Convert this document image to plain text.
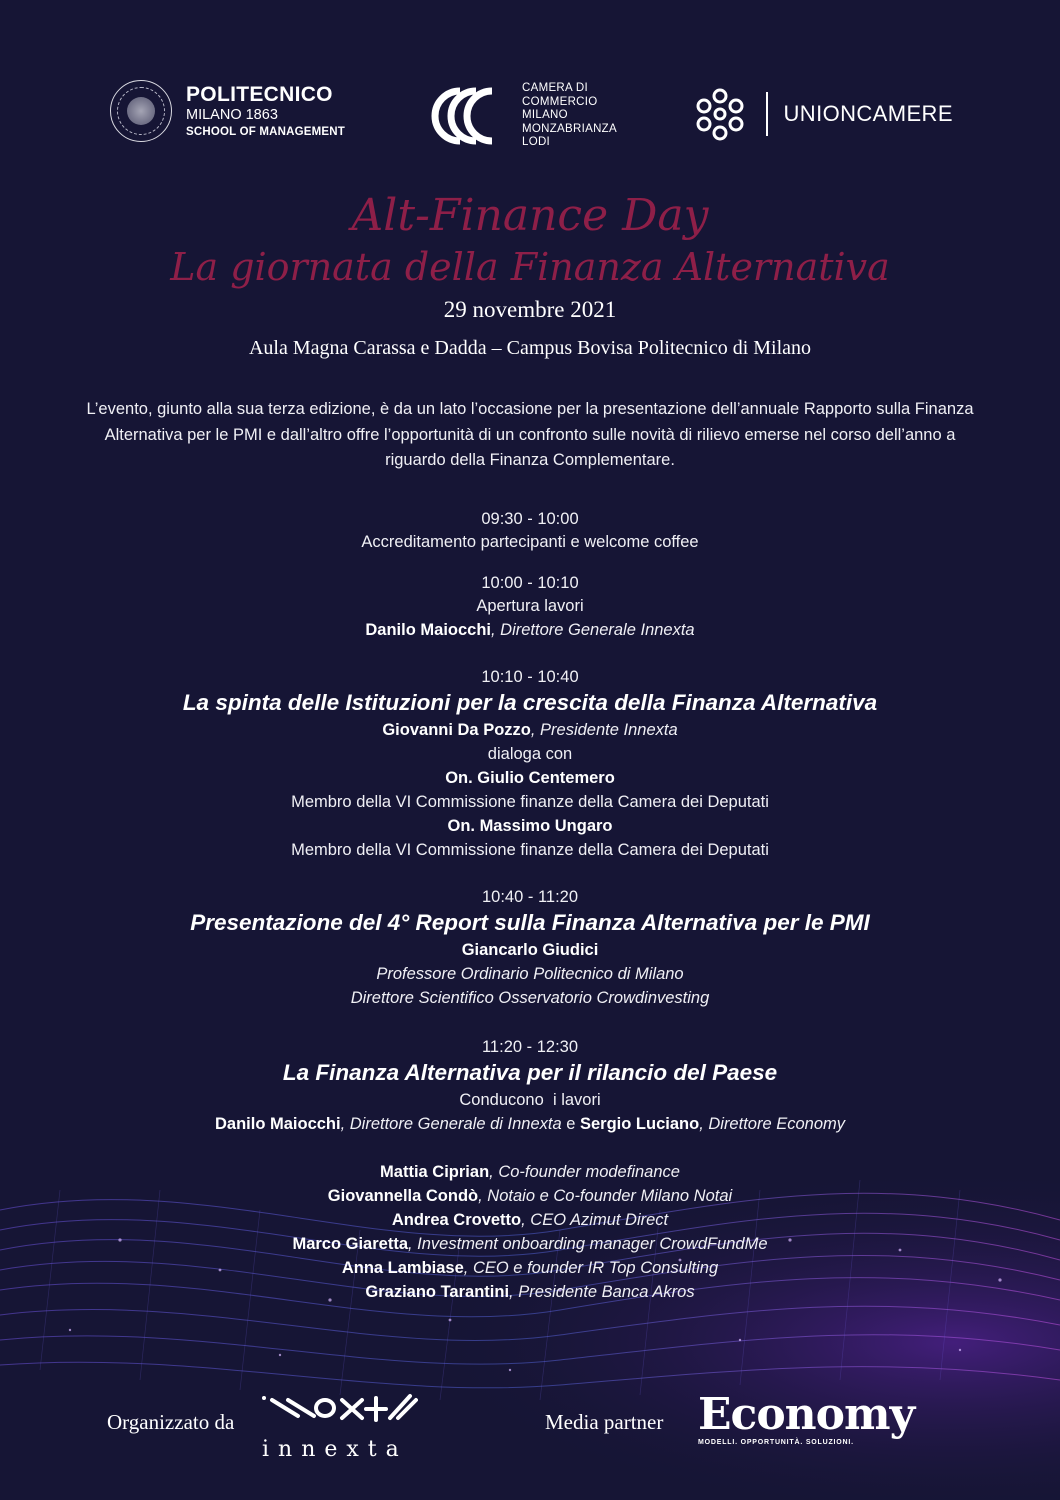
POLITECNICO
MILANO 1863
SCHOOL OF MANAGEMENT
CAMERA DI
COMMERCIO
MILANO
MONZABRIANZA
LODI
UNIONCAMERE
Alt-Finance Day
La giornata della Finanza Alternativa
29 novembre 2021
Aula Magna Carassa e Dadda – Campus Bovisa Politecnico di Milano
L’evento, giunto alla sua terza edizione, è da un lato l’occasione per la presentazione dell’annuale Rapporto sulla Finanza Alternativa per le PMI e dall’altro offre l’opportunità di un confronto sulle novità di rilievo emerse nel corso dell’anno a riguardo della Finanza Complementare.
09:30 - 10:00
Accreditamento partecipanti e welcome coffee
10:00 - 10:10
Apertura lavori
Danilo Maiocchi, Direttore Generale Innexta
10:10 - 10:40
La spinta delle Istituzioni per la crescita della Finanza Alternativa
Giovanni Da Pozzo, Presidente Innexta
dialoga con
On. Giulio Centemero
Membro della VI Commissione finanze della Camera dei Deputati
On. Massimo Ungaro
Membro della VI Commissione finanze della Camera dei Deputati
10:40 - 11:20
Presentazione del 4° Report sulla Finanza Alternativa per le PMI
Giancarlo Giudici
Professore Ordinario Politecnico di Milano
Direttore Scientifico Osservatorio Crowdinvesting
11:20 - 12:30
La Finanza Alternativa per il rilancio del Paese
Conducono  i lavori
Danilo Maiocchi, Direttore Generale di Innexta e Sergio Luciano, Direttore Economy
Mattia Ciprian, Co-founder modefinance
Giovannella Condò, Notaio e Co-founder Milano Notai
Andrea Crovetto, CEO Azimut Direct
Marco Giaretta, Investment onboarding manager CrowdFundMe
Anna Lambiase, CEO e founder IR Top Consulting
Graziano Tarantini, Presidente Banca Akros
Organizzato da
innexta
Media partner Economy
MODELLI. OPPORTUNITÀ. SOLUZIONI.
